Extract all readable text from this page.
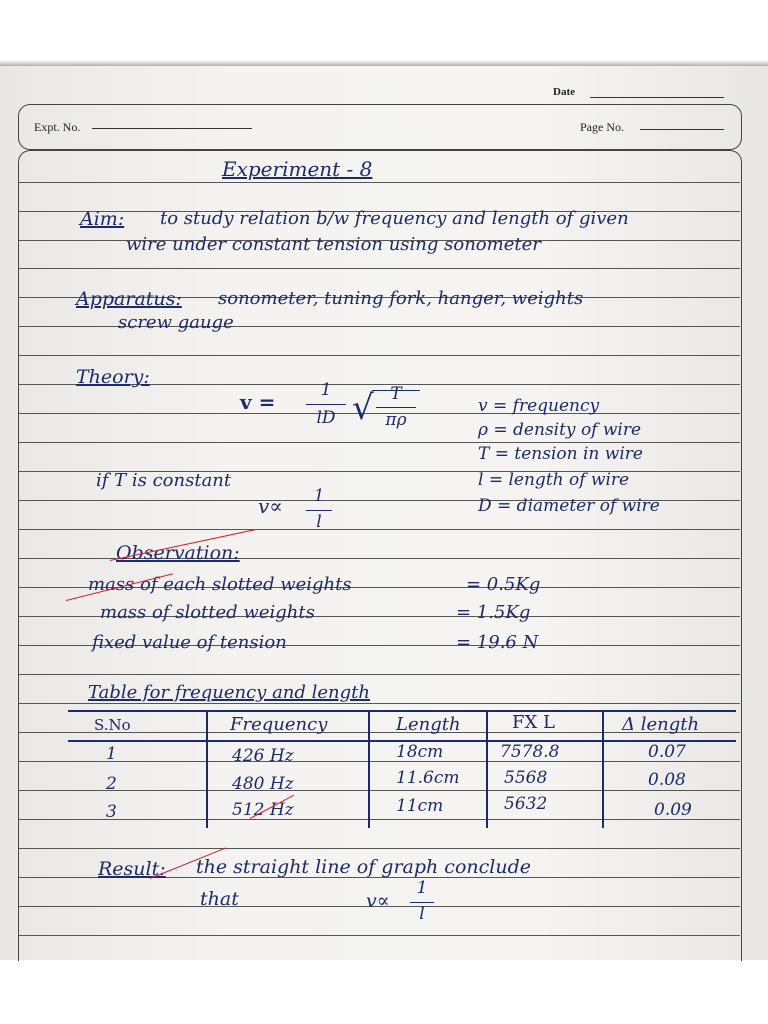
Date
Expt. No.	Page No.
Experiment - 8
Aim: to study relation b/w frequency and length of given
wire under constant tension using sonometer
Apparatus: sonometer, tuning fork, hanger, weights
screw gauge
Theory:
v =	1
lD √ T
πρ
if T is constant
v∝	1
l
v = frequency
ρ = density of wire
T = tension in wire
l = length of wire
D = diameter of wire
Observation:
mass of each slotted weights	= 0.5Kg
mass of slotted weights	= 1.5Kg
fixed value of tension	= 19.6 N
Table for frequency and length
S.No	Frequency	Length	FX L	Δ length
1	426 Hz	18cm	7578.8	0.07
2	480 Hz	11.6cm	5568	0.08
3	512 Hz	11cm	5632	0.09
Result: the straight line of graph conclude
that	v∝
1
l
